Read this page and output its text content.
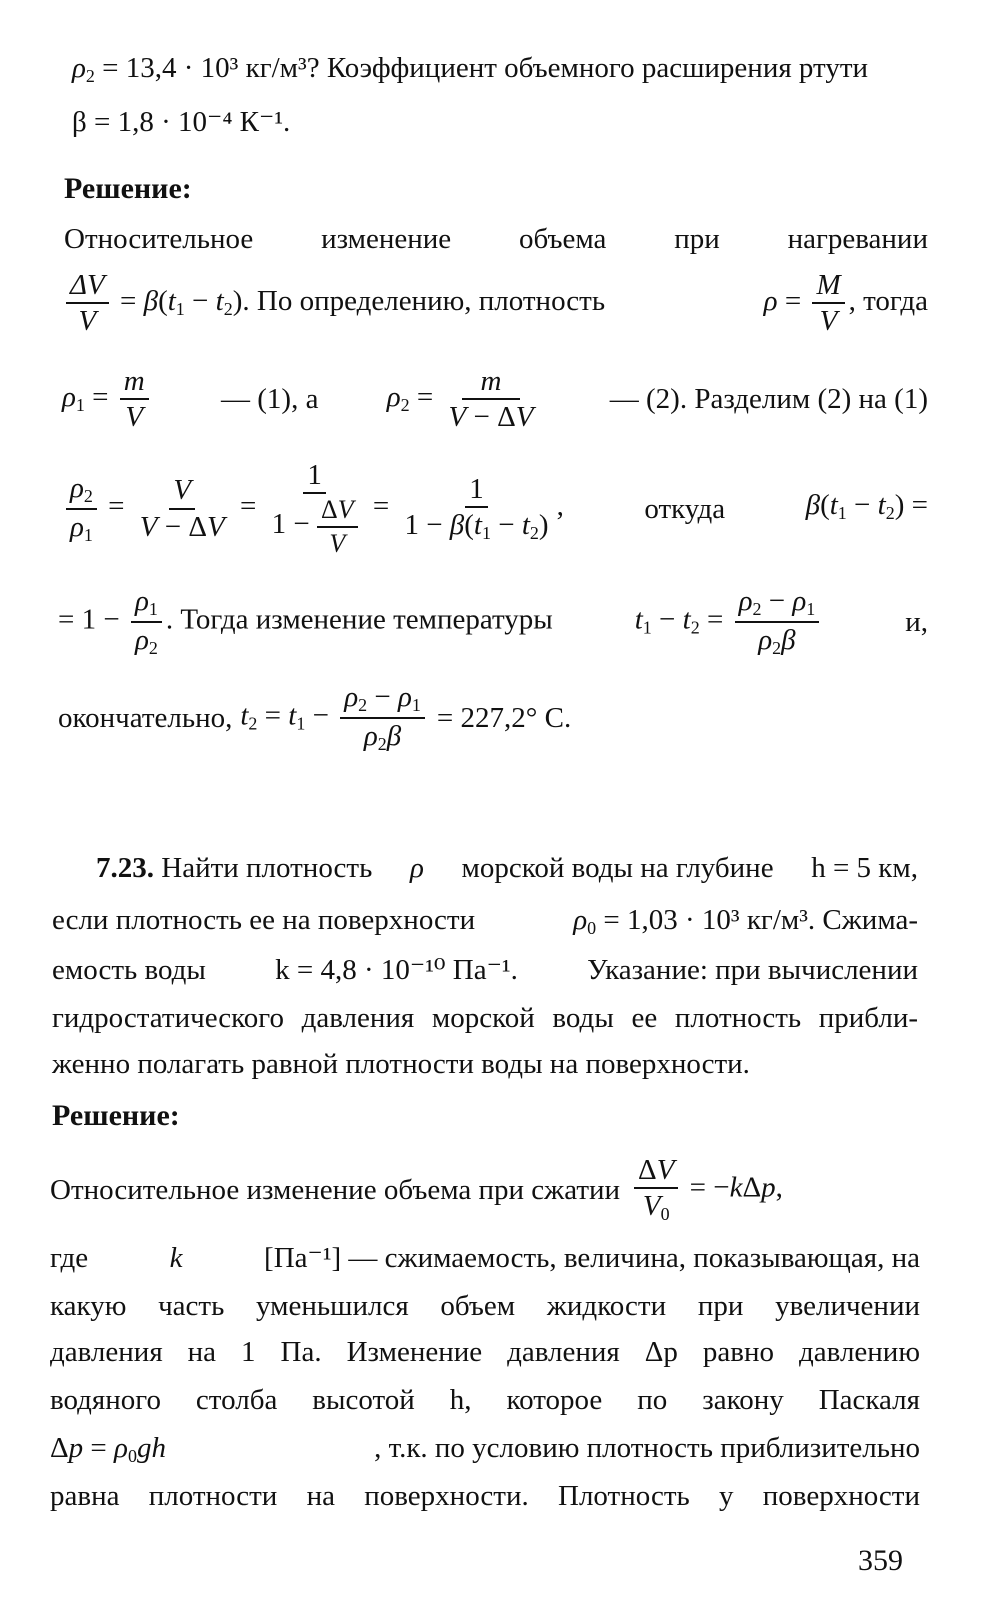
$\rho_2 = 13,4 \cdot 10^3$ кг/м³? Коэффициент объемного расширения ртути
β = 1,8 · 10⁻⁴ К⁻¹.
Решение:
Относительное изменение объема при нагревании
$\frac{\Delta V}{V} = \beta(t_1 - t_2)$. По определению, плотность	$\rho = \frac{M}{V}$ , тогда
$\rho_1 = \frac{m}{V}$ — (1), а $\rho_2 = \frac{m}{V - \Delta V}$ — (2). Разделим (2) на (1)
$\frac{\rho_2}{\rho_1} = \frac{V}{V - \Delta V} = \frac{1}{1 - \frac{\Delta V}{V}} = \frac{1}{1 - \beta(t_1 - t_2)}$ ,	откуда	$\beta(t_1 - t_2)$ =
= $1 - \frac{\rho_1}{\rho_2}$ . Тогда изменение температуры	$t_1 - t_2 = \frac{\rho_2 - \rho_1}{\rho_2\beta}$	и,
окончательно, $t_2 = t_1 - \frac{\rho_2 - \rho_1}{\rho_2\beta} = 227,2^\circ$ С.
7.23. Найти плотность ρ морской воды на глубине h = 5 км,
если плотность ее на поверхности	$\rho_0 = 1,03 \cdot 10^3$ кг/м³. Сжима-
емость воды k = 4,8 · 10⁻¹⁰ Па⁻¹. Указание: при вычислении
гидростатического давления морской воды ее плотность прибли-
женно полагать равной плотности воды на поверхности.
Решение:
Относительное изменение объема при сжатии $\frac{\Delta V}{V_0} = -k\Delta p$,
где	k	[Па⁻¹] — сжимаемость, величина, показывающая, на
какую часть уменьшился объем жидкости при увеличении
давления на 1 Па. Изменение давления Δp равно давлению
водяного столба высотой h, которое по закону Паскаля
$\Delta p = \rho_0gh$	, т.к. по условию плотность приблизительно
равна плотности на поверхности. Плотность у поверхности
359
